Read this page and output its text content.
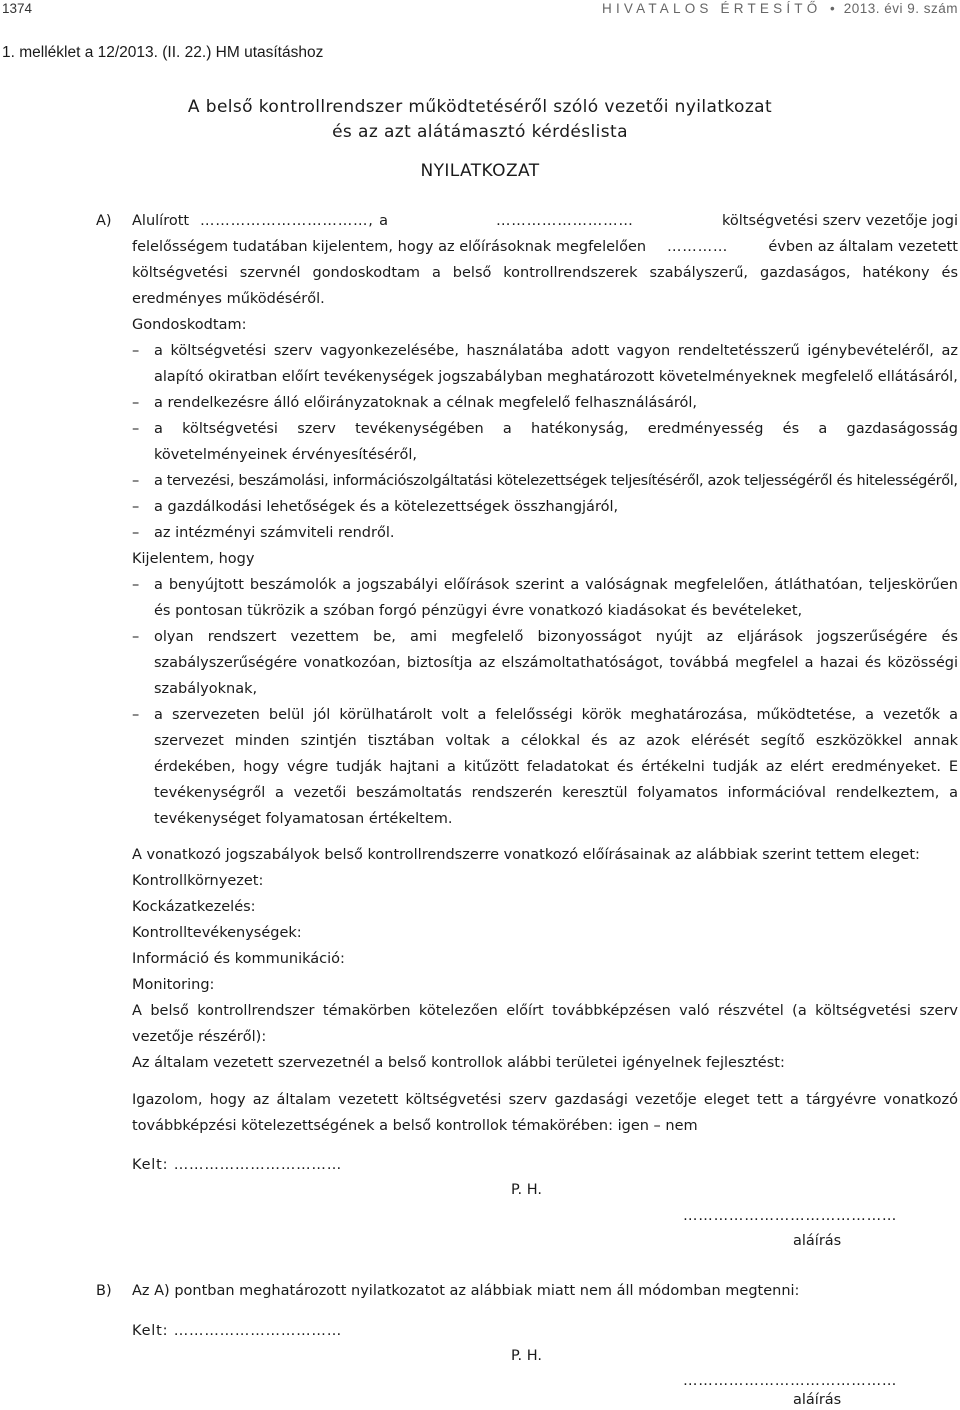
1374	HIVATALOS ÉRTESÍTŐ • 2013. évi 9. szám
1. melléklet a 12/2013. (II. 22.) HM utasításhoz
A belső kontrollrendszer működtetéséről szóló vezetői nyilatkozat
és az azt alátámasztó kérdéslista
NYILATKOZAT
A) Alulírott ……………………………, a	………………………	költségvetési szerv vezetője jogi
felelősségem tudatában kijelentem, hogy az előírásoknak megfelelően …………	évben az általam vezetett
költségvetési szervnél gondoskodtam a belső kontrollrendszerek szabályszerű, gazdaságos, hatékony és
eredményes működéséről.
Gondoskodtam:
– a költségvetési szerv vagyonkezelésébe, használatába adott vagyon rendeltetésszerű igénybevételéről, az alapító okiratban előírt tevékenységek jogszabályban meghatározott követelményeknek megfelelő ellátásáról,
– a rendelkezésre álló előirányzatoknak a célnak megfelelő felhasználásáról,
– a költségvetési szerv tevékenységében a hatékonyság, eredményesség és a gazdaságosság követelményeinek érvényesítéséről,
– a tervezési, beszámolási, információszolgáltatási kötelezettségek teljesítéséről, azok teljességéről és hitelességéről,
– a gazdálkodási lehetőségek és a kötelezettségek összhangjáról,
– az intézményi számviteli rendről.
Kijelentem, hogy
– a benyújtott beszámolók a jogszabályi előírások szerint a valóságnak megfelelően, átláthatóan, teljeskörűen és pontosan tükrözik a szóban forgó pénzügyi évre vonatkozó kiadásokat és bevételeket,
– olyan rendszert vezettem be, ami megfelelő bizonyosságot nyújt az eljárások jogszerűségére és szabályszerűségére vonatkozóan, biztosítja az elszámoltathatóságot, továbbá megfelel a hazai és közösségi szabályoknak,
– a szervezeten belül jól körülhatárolt volt a felelősségi körök meghatározása, működtetése, a vezetők a szervezet minden szintjén tisztában voltak a célokkal és az azok elérését segítő eszközökkel annak érdekében, hogy végre tudják hajtani a kitűzött feladatokat és értékelni tudják az elért eredményeket. E tevékenységről a vezetői beszámoltatás rendszerén keresztül folyamatos információval rendelkeztem, a tevékenységet folyamatosan értékeltem.
A vonatkozó jogszabályok belső kontrollrendszerre vonatkozó előírásainak az alábbiak szerint tettem eleget:
Kontrollkörnyezet:
Kockázatkezelés:
Kontrolltevékenységek:
Információ és kommunikáció:
Monitoring:
A belső kontrollrendszer témakörben kötelezően előírt továbbképzésen való részvétel (a költségvetési szerv vezetője részéről):
Az általam vezetett szervezetnél a belső kontrollok alábbi területei igényelnek fejlesztést:
Igazolom, hogy az általam vezetett költségvetési szerv gazdasági vezetője eleget tett a tárgyévre vonatkozó továbbképzési kötelezettségének a belső kontrollok témakörében: igen – nem
Kelt: ……………………………
P. H.
……………………………………
aláírás
B) Az A) pontban meghatározott nyilatkozatot az alábbiak miatt nem áll módomban megtenni:
Kelt: ……………………………
P. H.
……………………………………
aláírás
